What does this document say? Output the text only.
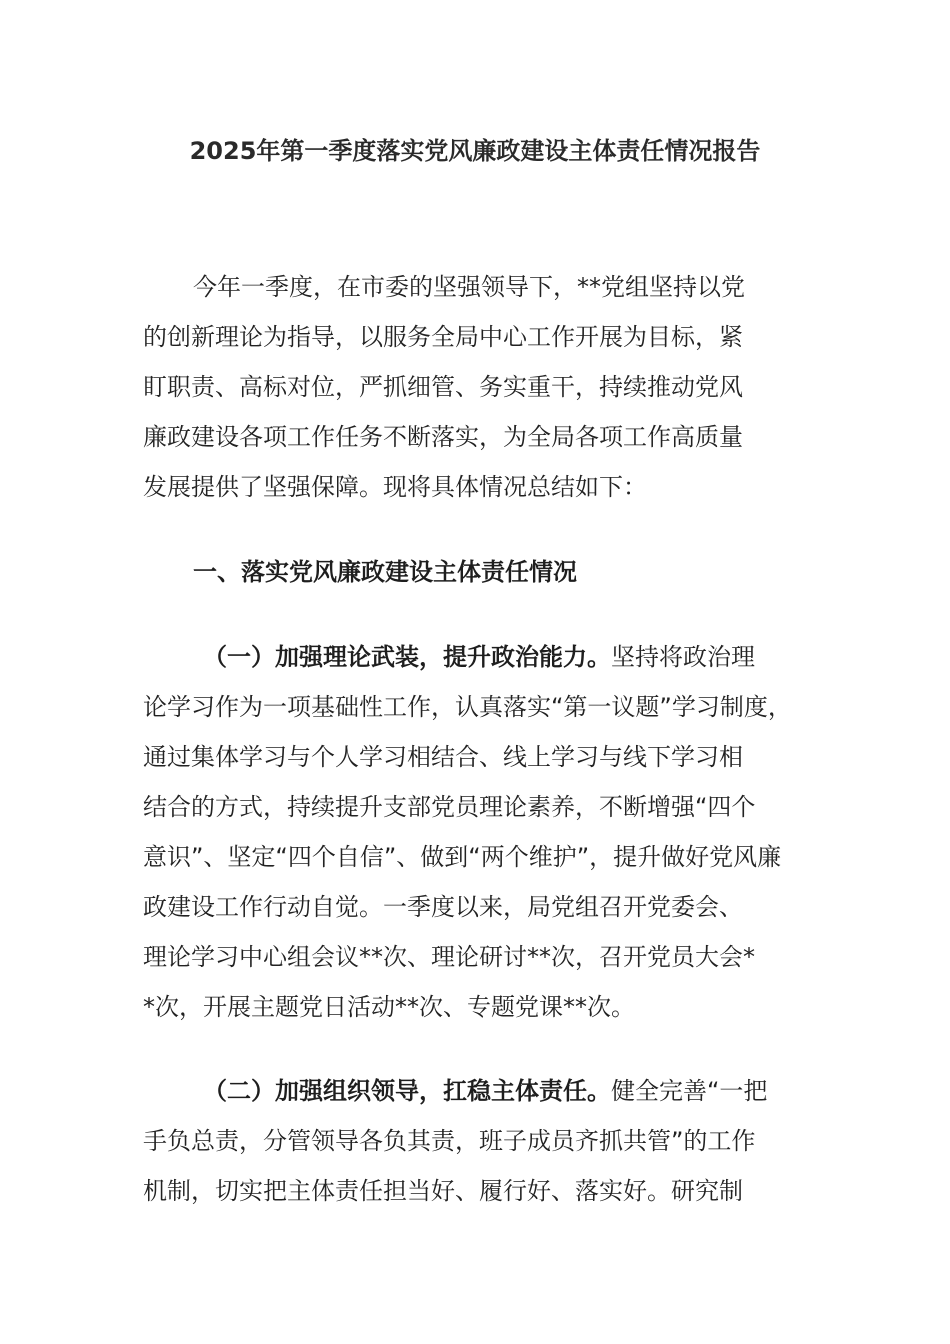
2025年第一季度落实党风廉政建设主体责任情况报告
今年一季度，在市委的坚强领导下，**党组坚持以党
的创新理论为指导，以服务全局中心工作开展为目标，紧
盯职责、高标对位，严抓细管、务实重干，持续推动党风
廉政建设各项工作任务不断落实，为全局各项工作高质量
发展提供了坚强保障。现将具体情况总结如下：
一、落实党风廉政建设主体责任情况
（一）加强理论武装，提升政治能力。坚持将政治理
论学习作为一项基础性工作，认真落实“第一议题”学习制度，
通过集体学习与个人学习相结合、线上学习与线下学习相
结合的方式，持续提升支部党员理论素养，不断增强“四个
意识”、坚定“四个自信”、做到“两个维护”，提升做好党风廉
政建设工作行动自觉。一季度以来，局党组召开党委会、
理论学习中心组会议**次、理论研讨**次，召开党员大会*
*次，开展主题党日活动**次、专题党课**次。
（二）加强组织领导，扛稳主体责任。健全完善“一把
手负总责，分管领导各负其责，班子成员齐抓共管”的工作
机制，切实把主体责任担当好、履行好、落实好。研究制
